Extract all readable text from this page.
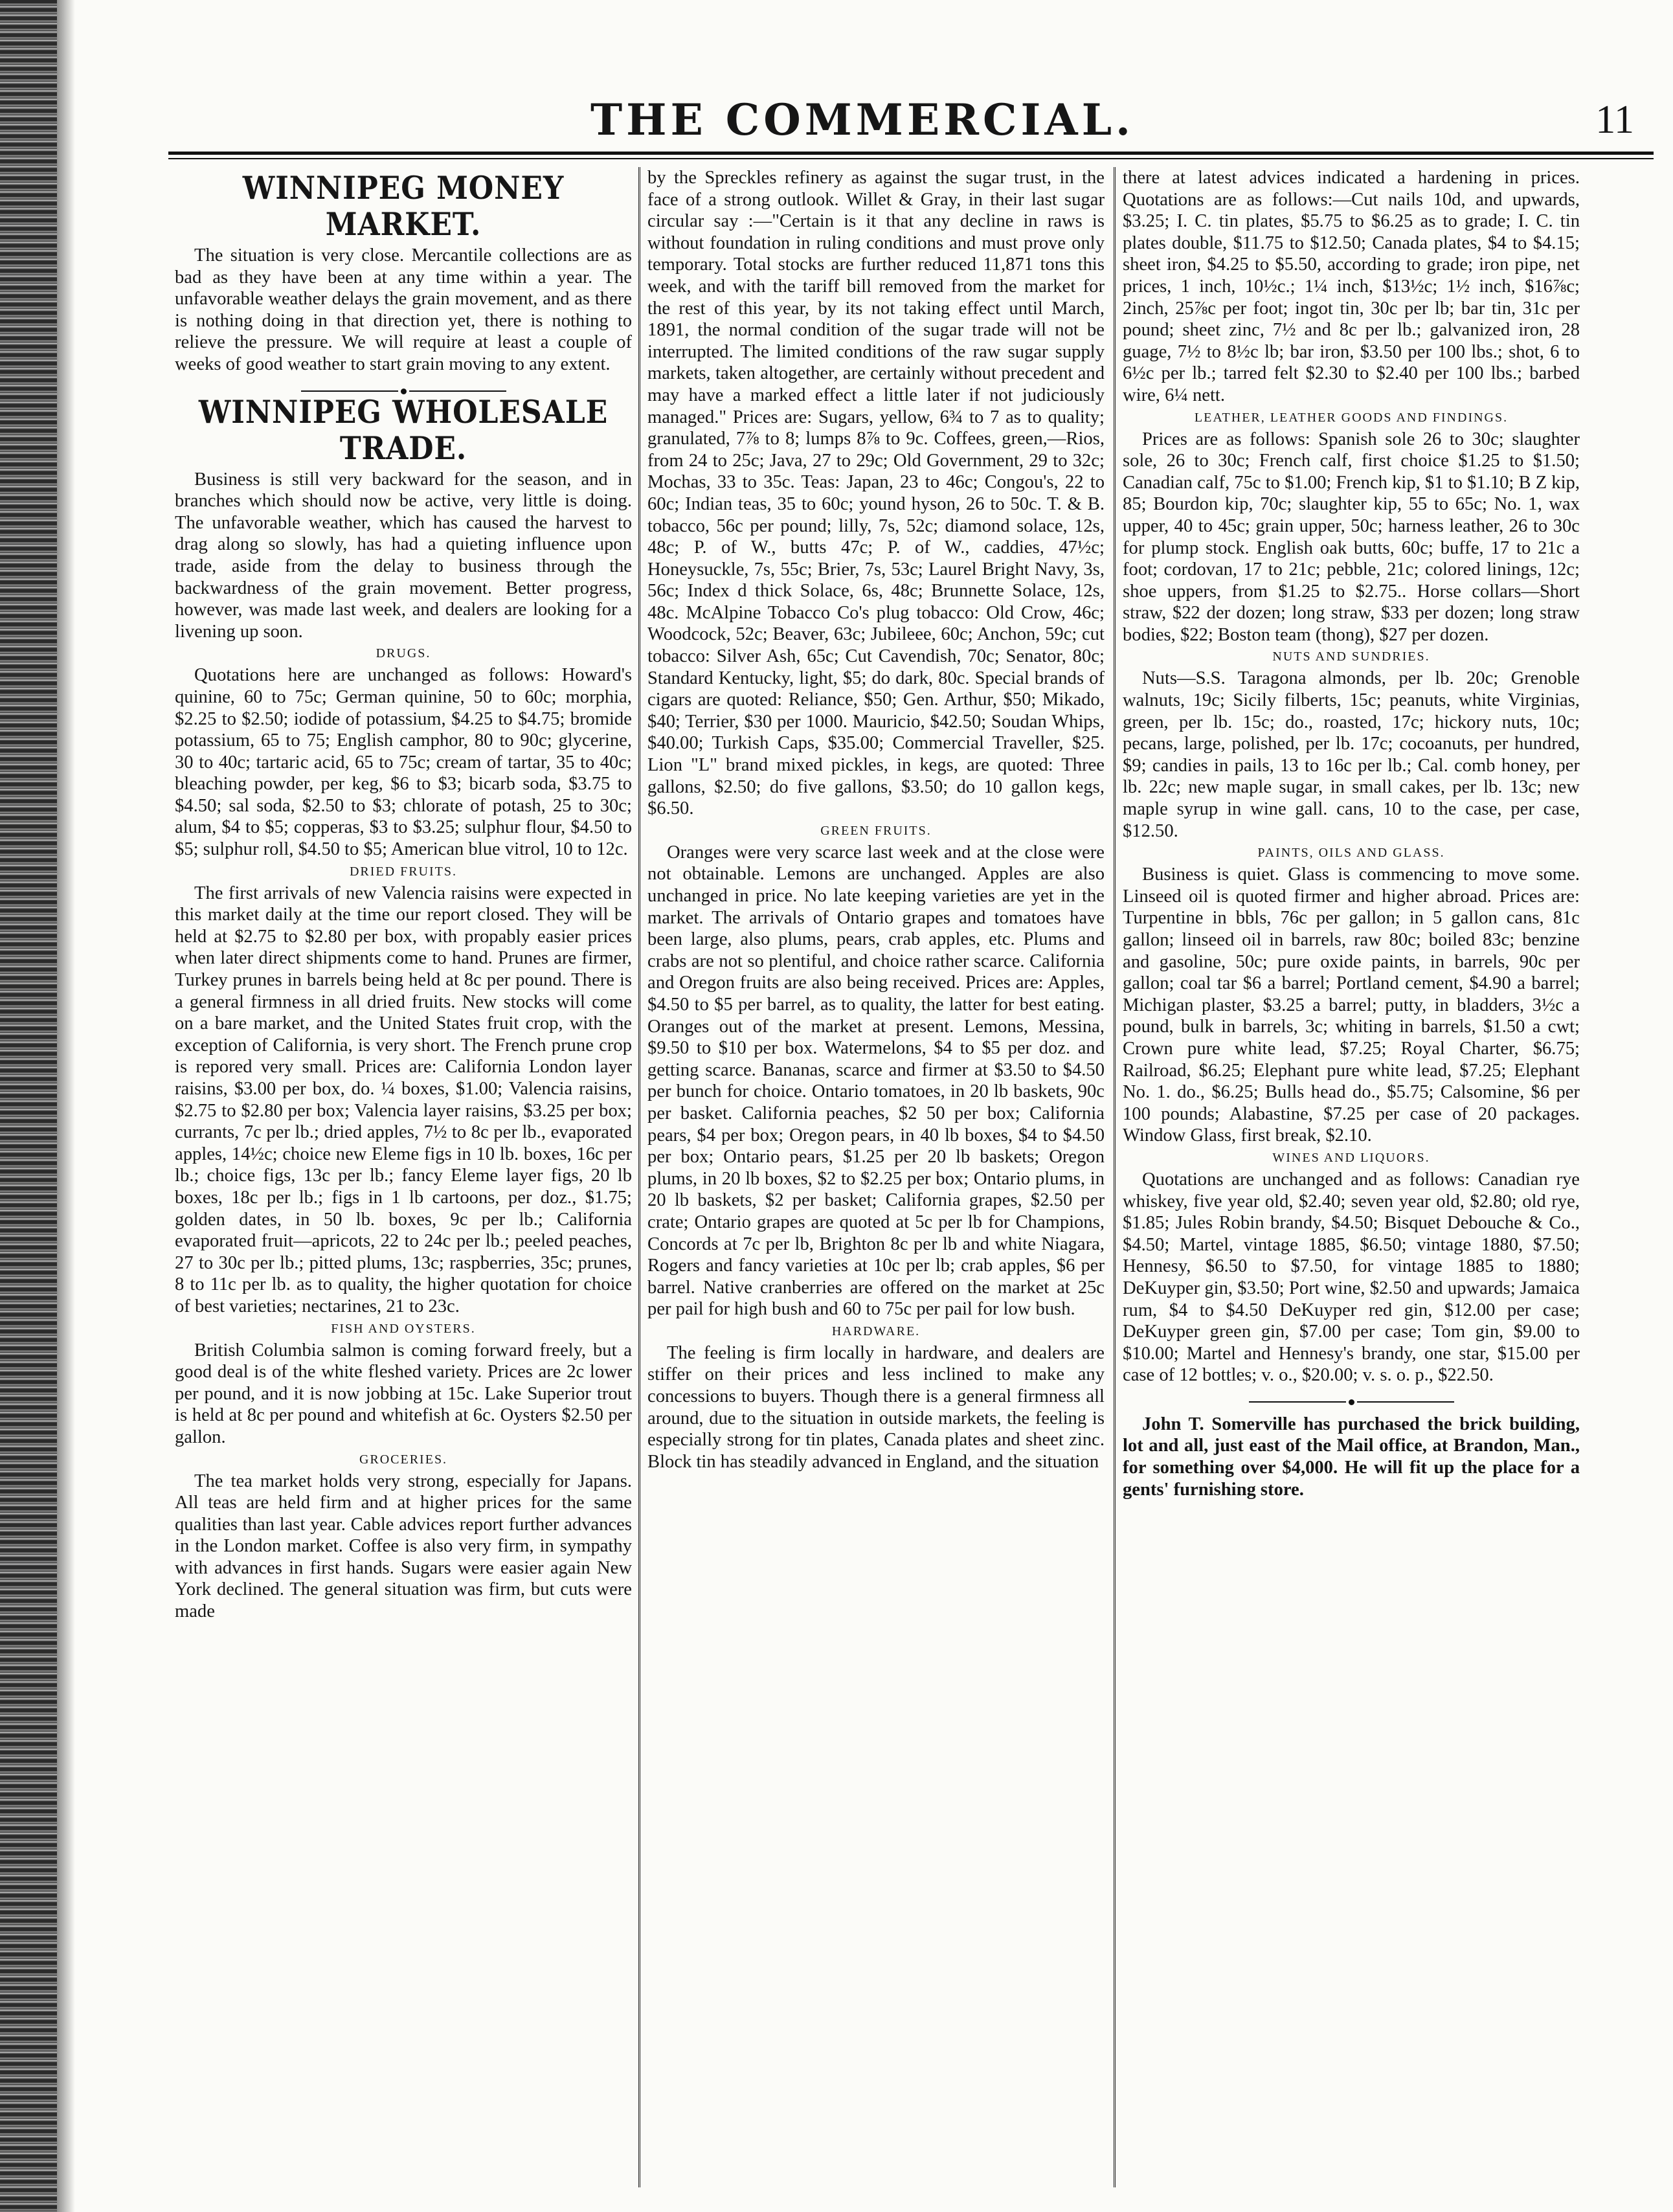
THE COMMERCIAL.	11
WINNIPEG MONEY MARKET.

The situation is very close. Mercantile collections are as bad as they have been at any time within a year. The unfavorable weather delays the grain movement, and as there is nothing doing in that direction yet, there is nothing to relieve the pressure. We will require at least a couple of weeks of good weather to start grain moving to any extent.

WINNIPEG WHOLESALE TRADE.

Business is still very backward for the season, and in branches which should now be active, very little is doing. The unfavorable weather, which has caused the harvest to drag along so slowly, has had a quieting influence upon trade, aside from the delay to business through the backwardness of the grain movement. Better progress, however, was made last week, and dealers are looking for a livening up soon.

DRUGS.

Quotations here are unchanged as follows: Howard's quinine, 60 to 75c; German quinine, 50 to 60c; morphia, $2.25 to $2.50; iodide of potassium, $4.25 to $4.75; bromide potassium, 65 to 75; English camphor, 80 to 90c; glycerine, 30 to 40c; tartaric acid, 65 to 75c; cream of tartar, 35 to 40c; bleaching powder, per keg, $6 to $3; bicarb soda, $3.75 to $4.50; sal soda, $2.50 to $3; chlorate of potash, 25 to 30c; alum, $4 to $5; copperas, $3 to $3.25; sulphur flour, $4.50 to $5; sulphur roll, $4.50 to $5; American blue vitrol, 10 to 12c.

DRIED FRUITS.

The first arrivals of new Valencia raisins were expected in this market daily at the time our report closed. They will be held at $2.75 to $2.80 per box, with propably easier prices when later direct shipments come to hand. Prunes are firmer, Turkey prunes in barrels being held at 8c per pound. There is a general firmness in all dried fruits. New stocks will come on a bare market, and the United States fruit crop, with the exception of California, is very short. The French prune crop is repored very small. Prices are: California London layer raisins, $3.00 per box, do. ¼ boxes, $1.00; Valencia raisins, $2.75 to $2.80 per box; Valencia layer raisins, $3.25 per box; currants, 7c per lb.; dried apples, 7½ to 8c per lb., evaporated apples, 14½c; choice new Eleme figs in 10 lb. boxes, 16c per lb.; choice figs, 13c per lb.; fancy Eleme layer figs, 20 lb boxes, 18c per lb.; figs in 1 lb cartoons, per doz., $1.75; golden dates, in 50 lb. boxes, 9c per lb.; California evaporated fruit—apricots, 22 to 24c per lb.; peeled peaches, 27 to 30c per lb.; pitted plums, 13c; raspberries, 35c; prunes, 8 to 11c per lb. as to quality, the higher quotation for choice of best varieties; nectarines, 21 to 23c.

FISH AND OYSTERS.

British Columbia salmon is coming forward freely, but a good deal is of the white fleshed variety. Prices are 2c lower per pound, and it is now jobbing at 15c. Lake Superior trout is held at 8c per pound and whitefish at 6c. Oysters $2.50 per gallon.

GROCERIES.

The tea market holds very strong, especially for Japans. All teas are held firm and at higher prices for the same qualities than last year. Cable advices report further advances in the London market. Coffee is also very firm, in sympathy with advances in first hands. Sugars were easier again New York declined. The general situation was firm, but cuts were made

by the Spreckles refinery as against the sugar trust, in the face of a strong outlook. Willet & Gray, in their last sugar circular say :—"Certain is it that any decline in raws is without foundation in ruling conditions and must prove only temporary. Total stocks are further reduced 11,871 tons this week, and with the tariff bill removed from the market for the rest of this year, by its not taking effect until March, 1891, the normal condition of the sugar trade will not be interrupted. The limited conditions of the raw sugar supply markets, taken altogether, are certainly without precedent and may have a marked effect a little later if not judiciously managed." Prices are: Sugars, yellow, 6¾ to 7 as to quality; granulated, 7⅞ to 8; lumps 8⅞ to 9c. Coffees, green,—Rios, from 24 to 25c; Java, 27 to 29c; Old Government, 29 to 32c; Mochas, 33 to 35c. Teas: Japan, 23 to 46c; Congou's, 22 to 60c; Indian teas, 35 to 60c; yound hyson, 26 to 50c. T. & B. tobacco, 56c per pound; lilly, 7s, 52c; diamond solace, 12s, 48c; P. of W., butts 47c; P. of W., caddies, 47½c; Honeysuckle, 7s, 55c; Brier, 7s, 53c; Laurel Bright Navy, 3s, 56c; Index d thick Solace, 6s, 48c; Brunnette Solace, 12s, 48c. McAlpine Tobacco Co's plug tobacco: Old Crow, 46c; Woodcock, 52c; Beaver, 63c; Jubileee, 60c; Anchon, 59c; cut tobacco: Silver Ash, 65c; Cut Cavendish, 70c; Senator, 80c; Standard Kentucky, light, $5; do dark, 80c. Special brands of cigars are quoted: Reliance, $50; Gen. Arthur, $50; Mikado, $40; Terrier, $30 per 1000. Mauricio, $42.50; Soudan Whips, $40.00; Turkish Caps, $35.00; Commercial Traveller, $25. Lion "L" brand mixed pickles, in kegs, are quoted: Three gallons, $2.50; do five gallons, $3.50; do 10 gallon kegs, $6.50.

GREEN FRUITS.

Oranges were very scarce last week and at the close were not obtainable. Lemons are unchanged. Apples are also unchanged in price. No late keeping varieties are yet in the market. The arrivals of Ontario grapes and tomatoes have been large, also plums, pears, crab apples, etc. Plums and crabs are not so plentiful, and choice rather scarce. California and Oregon fruits are also being received. Prices are: Apples, $4.50 to $5 per barrel, as to quality, the latter for best eating. Oranges out of the market at present. Lemons, Messina, $9.50 to $10 per box. Watermelons, $4 to $5 per doz. and getting scarce. Bananas, scarce and firmer at $3.50 to $4.50 per bunch for choice. Ontario tomatoes, in 20 lb baskets, 90c per basket. California peaches, $2 50 per box; California pears, $4 per box; Oregon pears, in 40 lb boxes, $4 to $4.50 per box; Ontario pears, $1.25 per 20 lb baskets; Oregon plums, in 20 lb boxes, $2 to $2.25 per box; Ontario plums, in 20 lb baskets, $2 per basket; California grapes, $2.50 per crate; Ontario grapes are quoted at 5c per lb for Champions, Concords at 7c per lb, Brighton 8c per lb and white Niagara, Rogers and fancy varieties at 10c per lb; crab apples, $6 per barrel. Native cranberries are offered on the market at 25c per pail for high bush and 60 to 75c per pail for low bush.

HARDWARE.

The feeling is firm locally in hardware, and dealers are stiffer on their prices and less inclined to make any concessions to buyers. Though there is a general firmness all around, due to the situation in outside markets, the feeling is especially strong for tin plates, Canada plates and sheet zinc. Block tin has steadily advanced in England, and the situation

there at latest advices indicated a hardening in prices. Quotations are as follows:—Cut nails 10d, and upwards, $3.25; I. C. tin plates, $5.75 to $6.25 as to grade; I. C. tin plates double, $11.75 to $12.50; Canada plates, $4 to $4.15; sheet iron, $4.25 to $5.50, according to grade; iron pipe, net prices, 1 inch, 10½c.; 1¼ inch, $13½c; 1½ inch, $16⅞c; 2inch, 25⅞c per foot; ingot tin, 30c per lb; bar tin, 31c per pound; sheet zinc, 7½ and 8c per lb.; galvanized iron, 28 guage, 7½ to 8½c lb; bar iron, $3.50 per 100 lbs.; shot, 6 to 6½c per lb.; tarred felt $2.30 to $2.40 per 100 lbs.; barbed wire, 6¼ nett.

LEATHER, LEATHER GOODS AND FINDINGS.

Prices are as follows: Spanish sole 26 to 30c; slaughter sole, 26 to 30c; French calf, first choice $1.25 to $1.50; Canadian calf, 75c to $1.00; French kip, $1 to $1.10; B Z kip, 85; Bourdon kip, 70c; slaughter kip, 55 to 65c; No. 1, wax upper, 40 to 45c; grain upper, 50c; harness leather, 26 to 30c for plump stock. English oak butts, 60c; buffe, 17 to 21c a foot; cordovan, 17 to 21c; pebble, 21c; colored linings, 12c; shoe uppers, from $1.25 to $2.75.. Horse collars—Short straw, $22 der dozen; long straw, $33 per dozen; long straw bodies, $22; Boston team (thong), $27 per dozen.

NUTS AND SUNDRIES.

Nuts—S.S. Taragona almonds, per lb. 20c; Grenoble walnuts, 19c; Sicily filberts, 15c; peanuts, white Virginias, green, per lb. 15c; do., roasted, 17c; hickory nuts, 10c; pecans, large, polished, per lb. 17c; cocoanuts, per hundred, $9; candies in pails, 13 to 16c per lb.; Cal. comb honey, per lb. 22c; new maple sugar, in small cakes, per lb. 13c; new maple syrup in wine gall. cans, 10 to the case, per case, $12.50.

PAINTS, OILS AND GLASS.

Business is quiet. Glass is commencing to move some. Linseed oil is quoted firmer and higher abroad. Prices are: Turpentine in bbls, 76c per gallon; in 5 gallon cans, 81c gallon; linseed oil in barrels, raw 80c; boiled 83c; benzine and gasoline, 50c; pure oxide paints, in barrels, 90c per gallon; coal tar $6 a barrel; Portland cement, $4.90 a barrel; Michigan plaster, $3.25 a barrel; putty, in bladders, 3½c a pound, bulk in barrels, 3c; whiting in barrels, $1.50 a cwt; Crown pure white lead, $7.25; Royal Charter, $6.75; Railroad, $6.25; Elephant pure white lead, $7.25; Elephant No. 1. do., $6.25; Bulls head do., $5.75; Calsomine, $6 per 100 pounds; Alabastine, $7.25 per case of 20 packages. Window Glass, first break, $2.10.

WINES AND LIQUORS.

Quotations are unchanged and as follows: Canadian rye whiskey, five year old, $2.40; seven year old, $2.80; old rye, $1.85; Jules Robin brandy, $4.50; Bisquet Debouche & Co., $4.50; Martel, vintage 1885, $6.50; vintage 1880, $7.50; Hennesy, $6.50 to $7.50, for vintage 1885 to 1880; DeKuyper gin, $3.50; Port wine, $2.50 and upwards; Jamaica rum, $4 to $4.50 DeKuyper red gin, $12.00 per case; DeKuyper green gin, $7.00 per case; Tom gin, $9.00 to $10.00; Martel and Hennesy's brandy, one star, $15.00 per case of 12 bottles; v. o., $20.00; v. s. o. p., $22.50.

John T. Somerville has purchased the brick building, lot and all, just east of the Mail office, at Brandon, Man., for something over $4,000. He will fit up the place for a gents' furnishing store.
